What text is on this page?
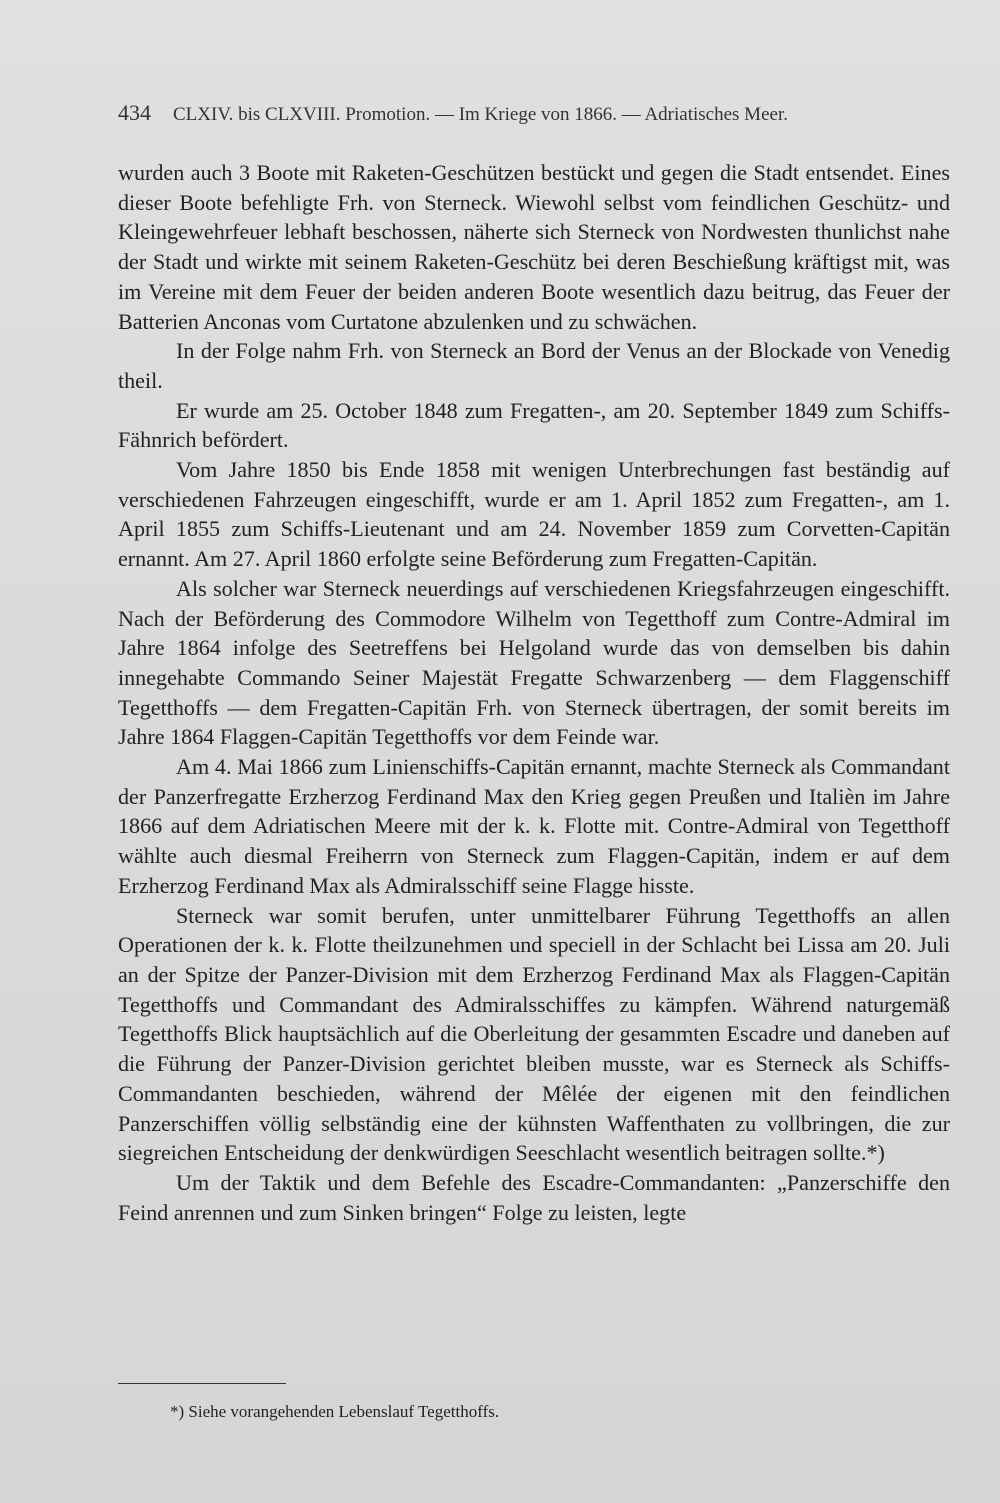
434 CLXIV. bis CLXVIII. Promotion. — Im Kriege von 1866. — Adriatisches Meer.

wurden auch 3 Boote mit Raketen-Geschützen bestückt und gegen die Stadt entsendet. Eines dieser Boote befehligte Frh. von Sterneck. Wiewohl selbst vom feindlichen Geschütz- und Kleingewehrfeuer lebhaft beschossen, näherte sich Sterneck von Nordwesten thunlichst nahe der Stadt und wirkte mit seinem Raketen-Geschütz bei deren Beschießung kräftigst mit, was im Vereine mit dem Feuer der beiden anderen Boote wesentlich dazu beitrug, das Feuer der Batterien Anconas vom Curtatone abzulenken und zu schwächen.

In der Folge nahm Frh. von Sterneck an Bord der Venus an der Blockade von Venedig theil.

Er wurde am 25. October 1848 zum Fregatten-, am 20. September 1849 zum Schiffs-Fähnrich befördert.

Vom Jahre 1850 bis Ende 1858 mit wenigen Unterbrechungen fast beständig auf verschiedenen Fahrzeugen eingeschifft, wurde er am 1. April 1852 zum Fregatten-, am 1. April 1855 zum Schiffs-Lieutenant und am 24. November 1859 zum Corvetten-Capitän ernannt. Am 27. April 1860 erfolgte seine Beförderung zum Fregatten-Capitän.

Als solcher war Sterneck neuerdings auf verschiedenen Kriegsfahrzeugen eingeschifft. Nach der Beförderung des Commodore Wilhelm von Tegetthoff zum Contre-Admiral im Jahre 1864 infolge des Seetreffens bei Helgoland wurde das von demselben bis dahin innegehabte Commando Seiner Majestät Fregatte Schwarzenberg — dem Flaggenschiff Tegetthoffs — dem Fregatten-Capitän Frh. von Sterneck übertragen, der somit bereits im Jahre 1864 Flaggen-Capitän Tegetthoffs vor dem Feinde war.

Am 4. Mai 1866 zum Linienschiffs-Capitän ernannt, machte Sterneck als Commandant der Panzerfregatte Erzherzog Ferdinand Max den Krieg gegen Preußen und Italièn im Jahre 1866 auf dem Adriatischen Meere mit der k. k. Flotte mit. Contre-Admiral von Tegetthoff wählte auch diesmal Freiherrn von Sterneck zum Flaggen-Capitän, indem er auf dem Erzherzog Ferdinand Max als Admiralsschiff seine Flagge hisste.

Sterneck war somit berufen, unter unmittelbarer Führung Tegetthoffs an allen Operationen der k. k. Flotte theilzunehmen und speciell in der Schlacht bei Lissa am 20. Juli an der Spitze der Panzer-Division mit dem Erzherzog Ferdinand Max als Flaggen-Capitän Tegetthoffs und Commandant des Admiralsschiffes zu kämpfen. Während naturgemäß Tegetthoffs Blick hauptsächlich auf die Oberleitung der gesammten Escadre und daneben auf die Führung der Panzer-Division gerichtet bleiben musste, war es Sterneck als Schiffs-Commandanten beschieden, während der Mêlée der eigenen mit den feindlichen Panzerschiffen völlig selbständig eine der kühnsten Waffenthaten zu vollbringen, die zur siegreichen Entscheidung der denkwürdigen Seeschlacht wesentlich beitragen sollte.*)

Um der Taktik und dem Befehle des Escadre-Commandanten: „Panzerschiffe den Feind anrennen und zum Sinken bringen“ Folge zu leisten, legte

*) Siehe vorangehenden Lebenslauf Tegetthoffs.
